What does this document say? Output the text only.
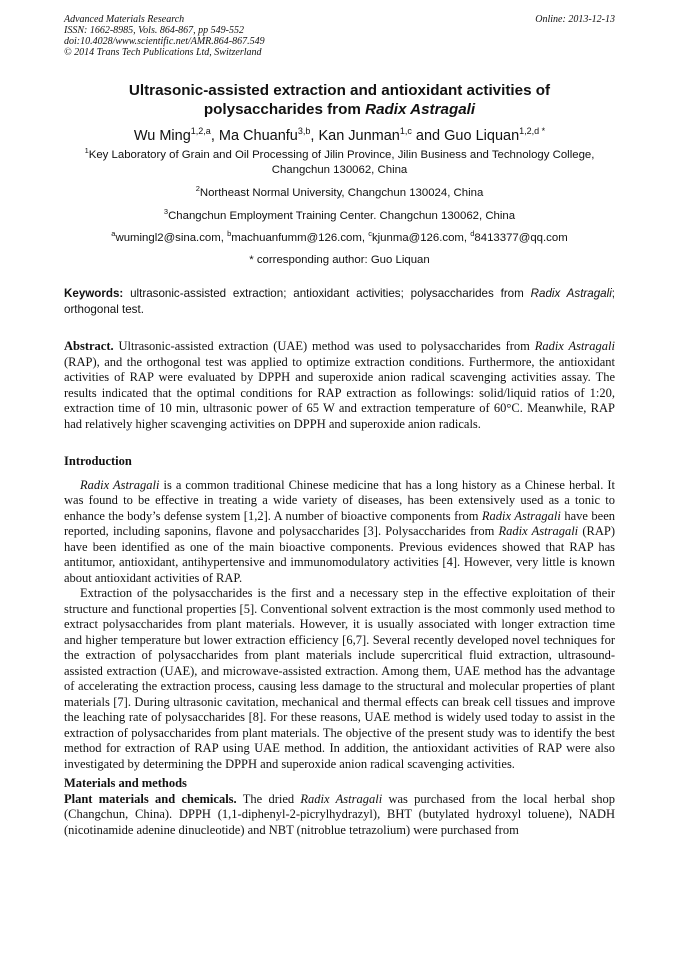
Advanced Materials Research
ISSN: 1662-8985, Vols. 864-867, pp 549-552
doi:10.4028/www.scientific.net/AMR.864-867.549
© 2014 Trans Tech Publications Ltd, Switzerland
Online: 2013-12-13
Ultrasonic-assisted extraction and antioxidant activities of
polysaccharides from Radix Astragali
Wu Ming$^{1,2,a}$, Ma Chuanfu$^{3,b}$, Kan Junman$^{1,c}$ and Guo Liquan$^{1,2,d *}$
$^1$Key Laboratory of Grain and Oil Processing of Jilin Province, Jilin Business and Technology College,
Changchun 130062, China
$^2$Northeast Normal University, Changchun 130024, China
$^3$Changchun Employment Training Center. Changchun 130062, China
$^a$wumingl2@sina.com, $^b$machuanfumm@126.com, $^c$kjunma@126.com, $^d$8413377@qq.com
* corresponding author: Guo Liquan
Keywords: ultrasonic-assisted extraction; antioxidant activities; polysaccharides from Radix Astragali; orthogonal test.
Abstract. Ultrasonic-assisted extraction (UAE) method was used to polysaccharides from Radix Astragali (RAP), and the orthogonal test was applied to optimize extraction conditions. Furthermore, the antioxidant activities of RAP were evaluated by DPPH and superoxide anion radical scavenging activities assay. The results indicated that the optimal conditions for RAP extraction as followings: solid/liquid ratios of 1:20, extraction time of 10 min, ultrasonic power of 65 W and extraction temperature of 60°C. Meanwhile, RAP had relatively higher scavenging activities on DPPH and superoxide anion radicals.
Introduction

Radix Astragali is a common traditional Chinese medicine that has a long history as a Chinese herbal. It was found to be effective in treating a wide variety of diseases, has been extensively used as a tonic to enhance the body’s defense system [1,2]. A number of bioactive components from Radix Astragali have been reported, including saponins, flavone and polysaccharides [3]. Polysaccharides from Radix Astragali (RAP) have been identified as one of the main bioactive components. Previous evidences showed that RAP has antitumor, antioxidant, antihypertensive and immunomodulatory activities [4]. However, very little is known about antioxidant activities of RAP.

Extraction of the polysaccharides is the first and a necessary step in the effective exploitation of their structure and functional properties [5]. Conventional solvent extraction is the most commonly used method to extract polysaccharides from plant materials. However, it is usually associated with longer extraction time and higher temperature but lower extraction efficiency [6,7]. Several recently developed novel techniques for the extraction of polysaccharides from plant materials include supercritical fluid extraction, ultrasound-assisted extraction (UAE), and microwave-assisted extraction. Among them, UAE method has the advantage of accelerating the extraction process, causing less damage to the structural and molecular properties of plant materials [7]. During ultrasonic cavitation, mechanical and thermal effects can break cell tissues and improve the leaching rate of polysaccharides [8]. For these reasons, UAE method is widely used today to assist in the extraction of polysaccharides from plant materials. The objective of the present study was to identify the best method for extraction of RAP using UAE method. In addition, the antioxidant activities of RAP were also investigated by determining the DPPH and superoxide anion radical scavenging activities.

Materials and methods

Plant materials and chemicals. The dried Radix Astragali was purchased from the local herbal shop (Changchun, China). DPPH (1,1-diphenyl-2-picrylhydrazyl), BHT (butylated hydroxyl toluene), NADH (nicotinamide adenine dinucleotide) and NBT (nitroblue tetrazolium) were purchased from
